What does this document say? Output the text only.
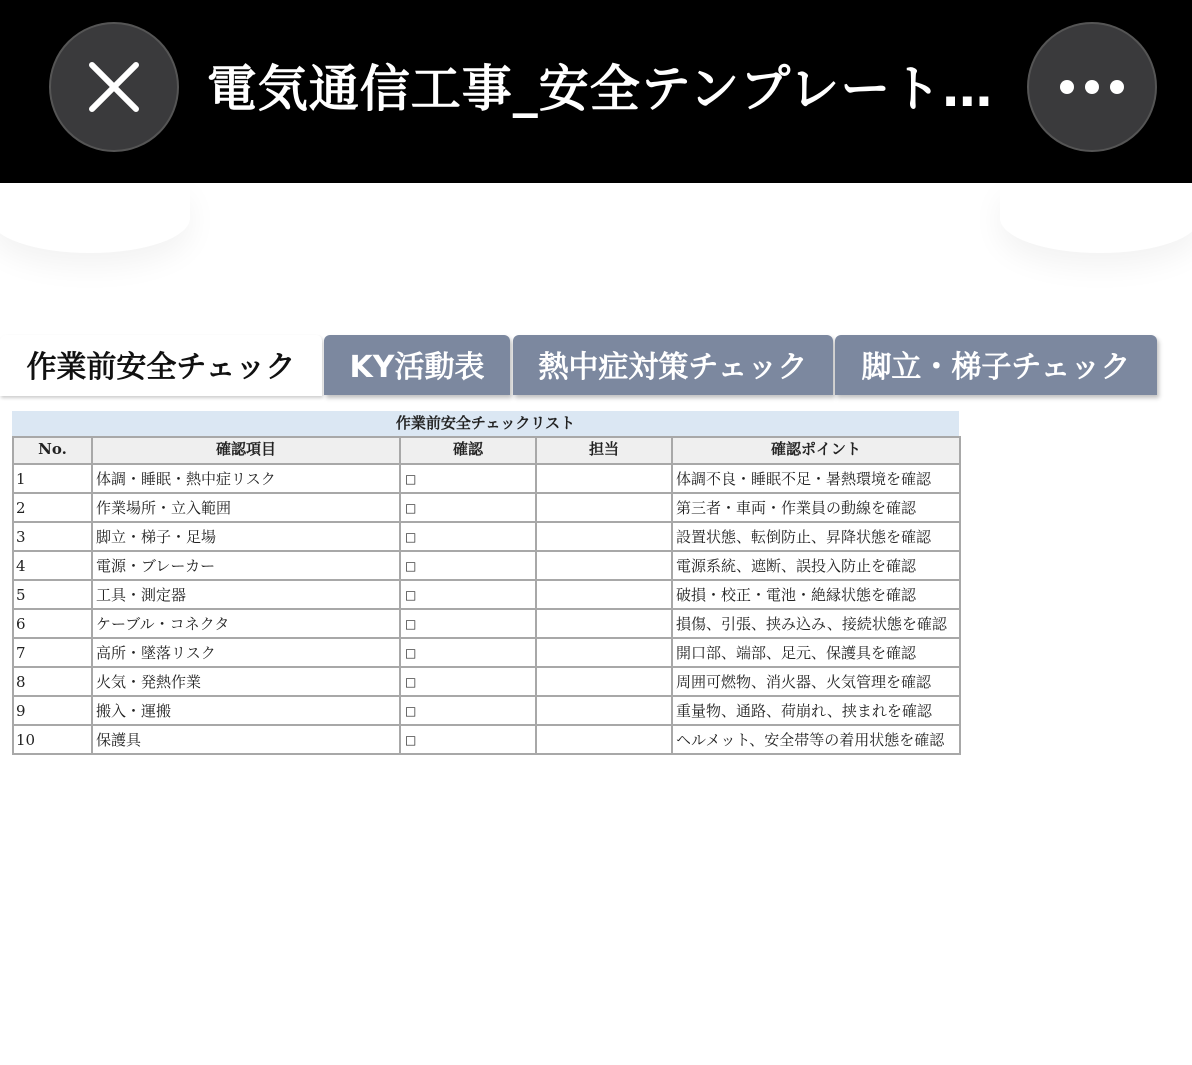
電気通信工事_安全テンプレート…
作業前安全チェック	KY活動表	熱中症対策チェック	脚立・梯子チェック
作業前安全チェックリスト
No.	確認項目	確認	担当	確認ポイント
1	体調・睡眠・熱中症リスク	□		体調不良・睡眠不足・暑熱環境を確認
2	作業場所・立入範囲	□		第三者・車両・作業員の動線を確認
3	脚立・梯子・足場	□		設置状態、転倒防止、昇降状態を確認
4	電源・ブレーカー	□		電源系統、遮断、誤投入防止を確認
5	工具・測定器	□		破損・校正・電池・絶縁状態を確認
6	ケーブル・コネクタ	□		損傷、引張、挟み込み、接続状態を確認
7	高所・墜落リスク	□		開口部、端部、足元、保護具を確認
8	火気・発熱作業	□		周囲可燃物、消火器、火気管理を確認
9	搬入・運搬	□		重量物、通路、荷崩れ、挟まれを確認
10	保護具	□		ヘルメット、安全帯等の着用状態を確認
